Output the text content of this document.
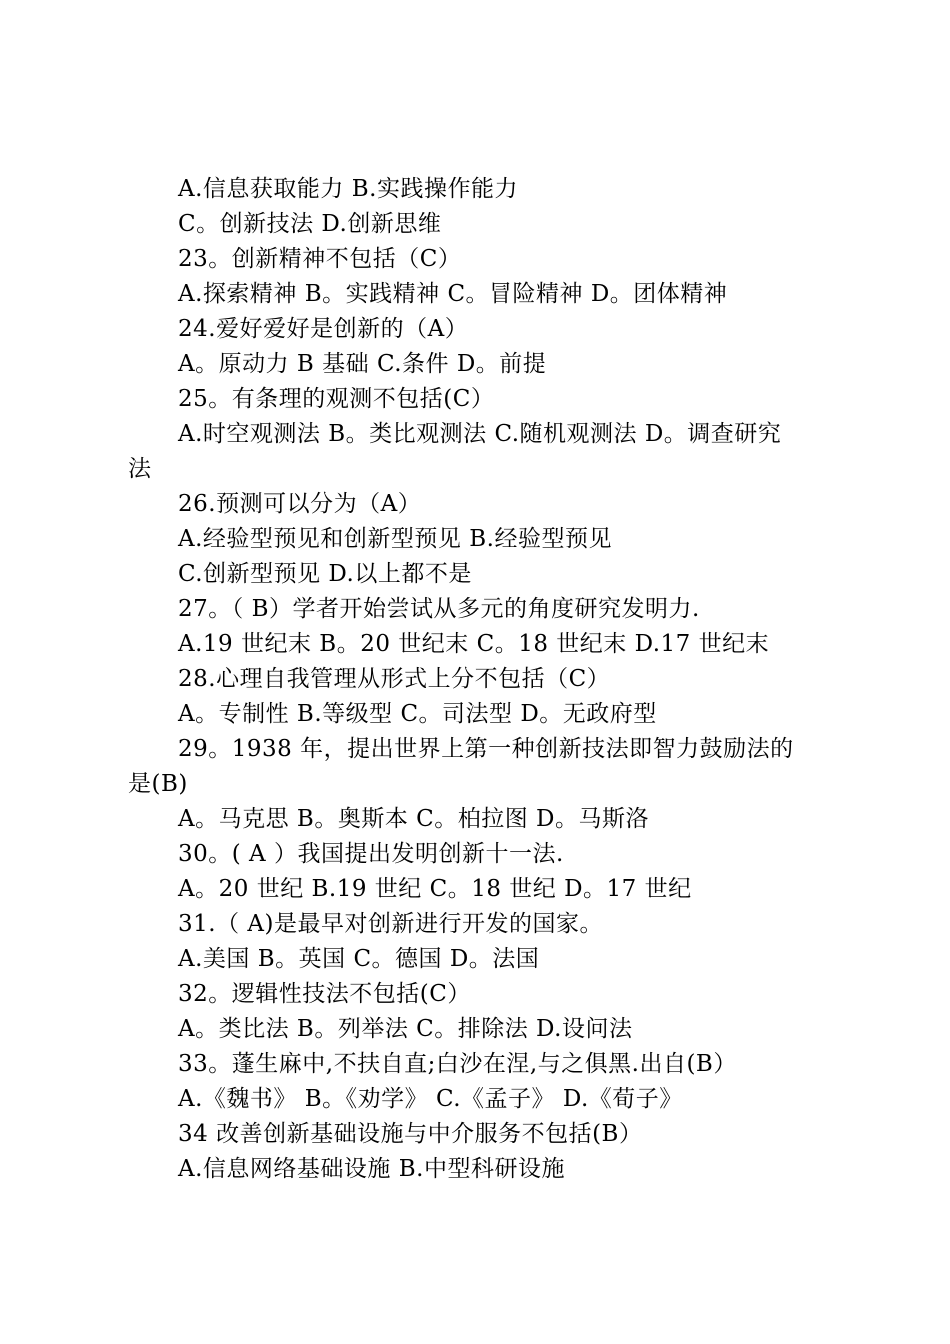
A.信息获取能力 B.实践操作能力
C。创新技法 D.创新思维
23。创新精神不包括（C）
A.探索精神 B。实践精神 C。冒险精神 D。团体精神
24.爱好爱好是创新的（A）
A。原动力 B 基础 C.条件 D。前提
25。有条理的观测不包括(C）
A.时空观测法 B。类比观测法 C.随机观测法 D。调查研究
法
26.预测可以分为（A）
A.经验型预见和创新型预见 B.经验型预见
C.创新型预见 D.以上都不是
27。（ B）学者开始尝试从多元的角度研究发明力.
A.19 世纪末 B。20 世纪末 C。18 世纪末 D.17 世纪末
28.心理自我管理从形式上分不包括（C）
A。专制性 B.等级型 C。司法型 D。无政府型
29。1938 年，提出世界上第一种创新技法即智力鼓励法的
是(B)
A。马克思 B。奥斯本 C。柏拉图 D。马斯洛
30。( A ）我国提出发明创新十一法.
A。20 世纪 B.19 世纪 C。18 世纪 D。17 世纪
31.（ A)是最早对创新进行开发的国家。
A.美国 B。英国 C。德国 D。法国
32。逻辑性技法不包括(C）
A。类比法 B。列举法 C。排除法 D.设问法
33。蓬生麻中,不扶自直;白沙在涅,与之俱黑.出自(B）
A.《魏书》 B。《劝学》 C.《孟子》 D.《荀子》
34 改善创新基础设施与中介服务不包括(B）
A.信息网络基础设施 B.中型科研设施
